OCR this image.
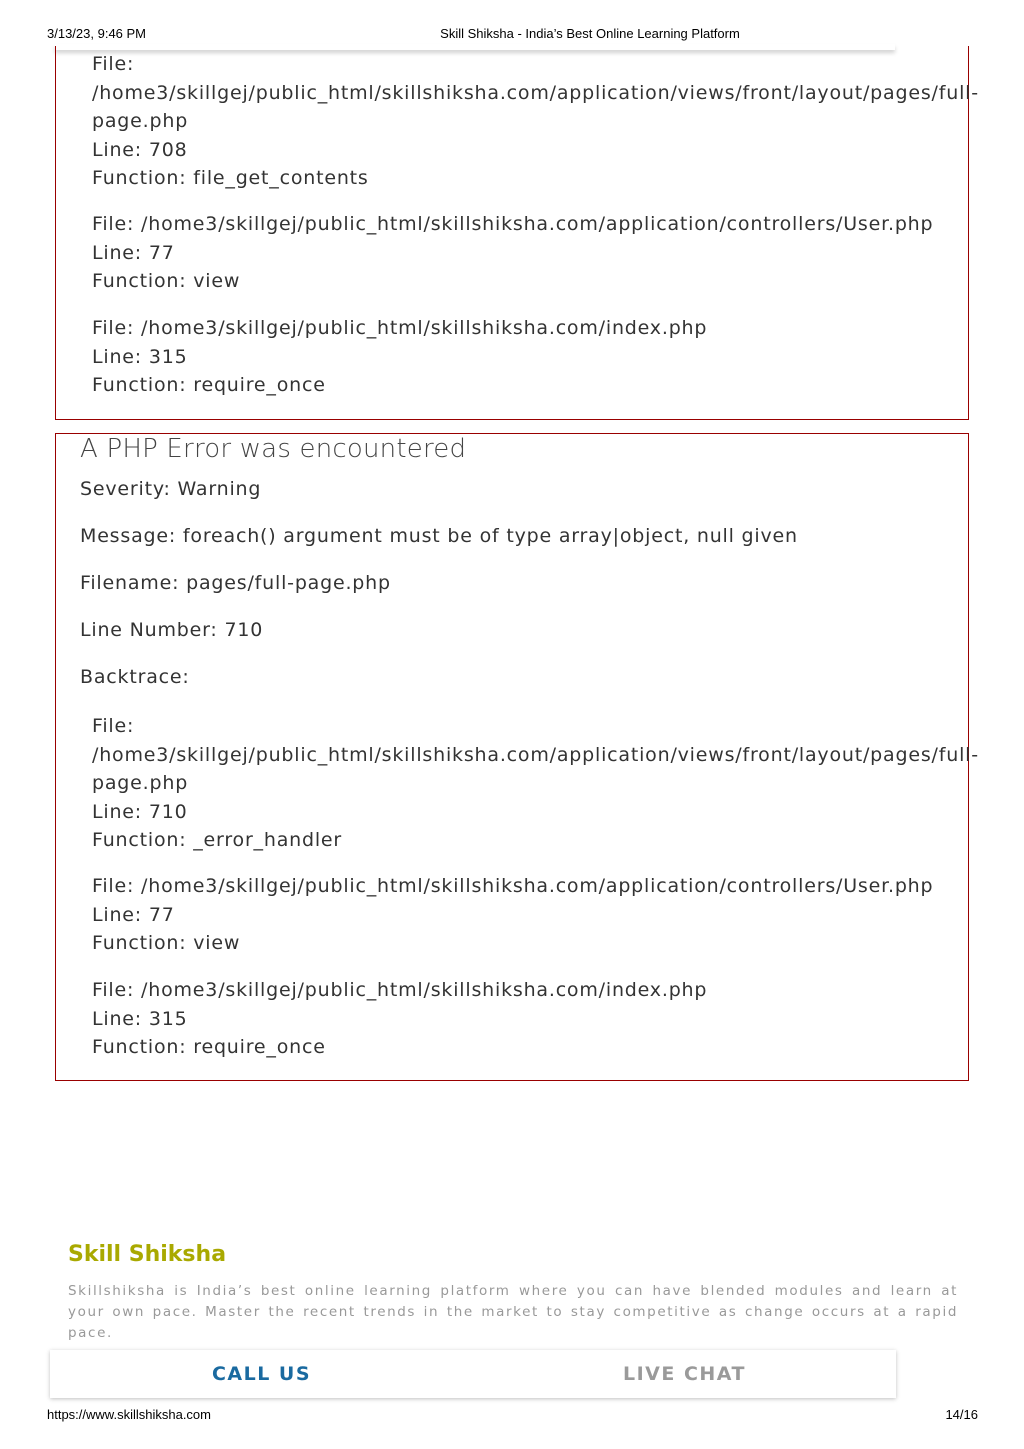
3/13/23, 9:46 PM	Skill Shiksha - India’s Best Online Learning Platform
File:
/home3/skillgej/public_html/skillshiksha.com/application/views/front/layout/pages/full-
page.php
Line: 708
Function: file_get_contents
File: /home3/skillgej/public_html/skillshiksha.com/application/controllers/User.php
Line: 77
Function: view
File: /home3/skillgej/public_html/skillshiksha.com/index.php
Line: 315
Function: require_once
A PHP Error was encountered
Severity: Warning
Message: foreach() argument must be of type array|object, null given
Filename: pages/full-page.php
Line Number: 710
Backtrace:
File:
/home3/skillgej/public_html/skillshiksha.com/application/views/front/layout/pages/full-
page.php
Line: 710
Function: _error_handler
File: /home3/skillgej/public_html/skillshiksha.com/application/controllers/User.php
Line: 77
Function: view
File: /home3/skillgej/public_html/skillshiksha.com/index.php
Line: 315
Function: require_once
Skill Shiksha
Skillshiksha is India’s best online learning platform where you can have blended modules and learn at your own pace. Master the recent trends in the market to stay competitive as change occurs at a rapid pace.
CALL US	LIVE CHAT
https://www.skillshiksha.com	14/16
